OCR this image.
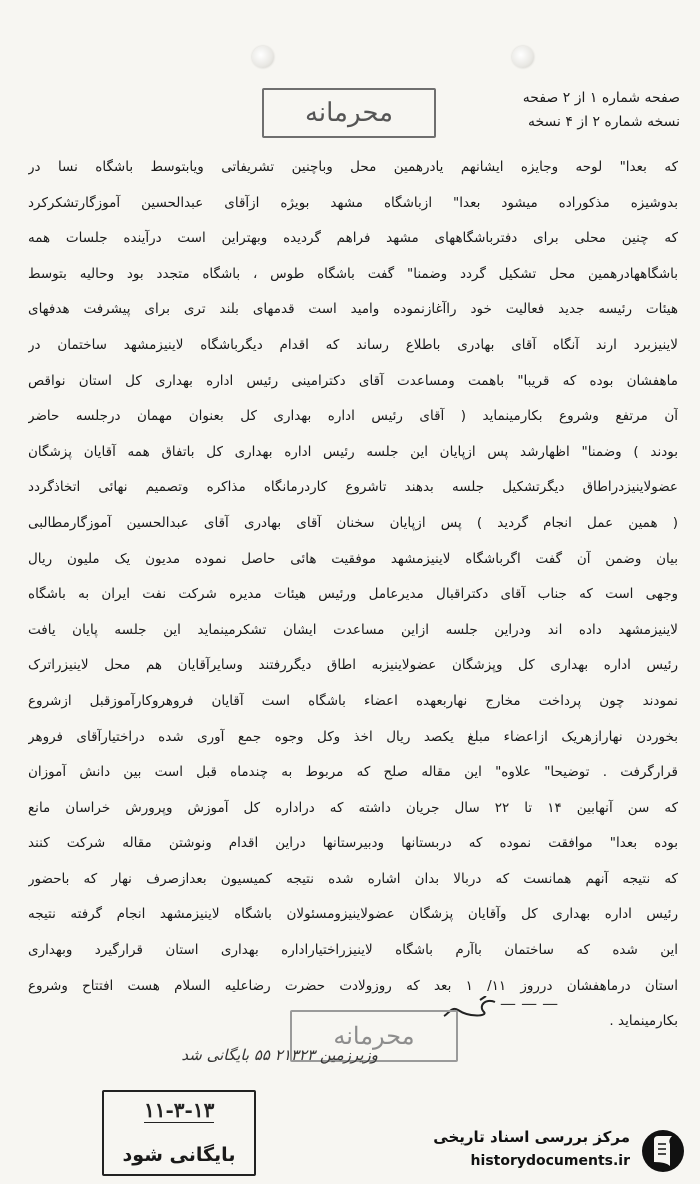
محرمانه	صفحه شماره ۱ از ۲ صفحه
نسخه شماره ۲ از ۴ نسخه
که بعدا" لوحه وجایزه ایشانهم یادرهمین محل وباچنین تشریفاتی ویابتوسط باشگاه نسا در
بدوشیزه مذکوراده میشود بعدا" ازباشگاه مشهد بویژه ازآقای عبدالحسین آموزگارتشکرکرد
که چنین محلی برای دفترباشگاههای مشهد فراهم گردیده وبهتراین است درآینده جلسات همه
باشگاههادرهمین محل تشکیل گردد وضمنا" گفت باشگاه طوس ، باشگاه متجدد بود وحالیه بتوسط
هیئات رئیسه جدید فعالیت خود راآغازنموده وامید است قدمهای بلند تری برای پیشرفت هدفهای
لاینیزبرد ارند آنگاه آقای بهادری باطلاع رساند که اقدام دیگرباشگاه لاینیزمشهد ساختمان در
ماهفشان بوده که قریبا" باهمت ومساعدت آقای دکترامینی رئیس اداره بهداری کل استان نواقص
آن مرتفع وشروع بکارمینماید ( آقای رئیس اداره بهداری کل بعنوان مهمان درجلسه حاضر
بودند ) وضمنا" اظهارشد پس ازپایان این جلسه رئیس اداره بهداری کل باتفاق همه آقایان پزشگان
عضولاینیزدراطاق دیگرتشکیل جلسه بدهند تاشروع کاردرمانگاه مذاکره وتصمیم نهائی اتخاذگردد
( همین عمل انجام گردید ) پس ازپایان سخنان آقای بهادری آقای عبدالحسین آموزگارمطالبی
بیان وضمن آن گفت اگرباشگاه لاینیزمشهد موفقیت هائی حاصل نموده مدیون یک ملیون ریال
وجهی است که جناب آقای دکتراقبال مدیرعامل ورئیس هیئات مدیره شرکت نفت ایران به باشگاه
لاینیزمشهد داده اند ودراین جلسه ازاین مساعدت ایشان تشکرمینماید این جلسه پایان یافت
رئیس اداره بهداری کل وپزشگان عضولاینیزبه اطاق دیگررفتند وسایرآقایان هم محل لاینیزراترک
نمودند چون پرداخت مخارج نهاربعهده اعضاء باشگاه است آقایان فروهروکارآموزقبل ازشروع
بخوردن نهارازهریک ازاعضاء مبلغ یکصد ریال اخذ وکل وجوه جمع آوری شده دراختیارآقای فروهر
قرارگرفت . توضیحا" علاوه" این مقاله صلح که مربوط به چندماه قبل است بین دانش آموزان
که سن آنهابین ۱۴ تا ۲۲ سال جریان داشته که دراداره کل آموزش وپرورش خراسان مانع
بوده بعدا" موافقت نموده که دربستانها ودبیرستانها دراین اقدام ونوشتن مقاله شرکت کنند
که نتیجه آنهم همانست که دربالا بدان اشاره شده نتیجه کمیسیون بعدازصرف نهار که باحضور
رئیس اداره بهداری کل وآقایان پزشگان عضولاینیزومسئولان باشگاه لاینیزمشهد انجام گرفته نتیجه
این شده که ساختمان باآرم باشگاه لاینیزراختیاراداره بهداری استان قرارگیرد وبهداری
استان درماهفشان درروز ۱۱/ ۱ بعد که روزولادت حضرت رضاعلیه السلام هست افتتاح وشروع
بکارمینماید .
— — —
محرمانه
وزیرزمین ۲۱۳۲۳ ۵۵ بایگانی شد
۱۱-۳-۱۳
بایگانی شود
مرکز بررسی اسناد تاریخی
historydocuments.ir
